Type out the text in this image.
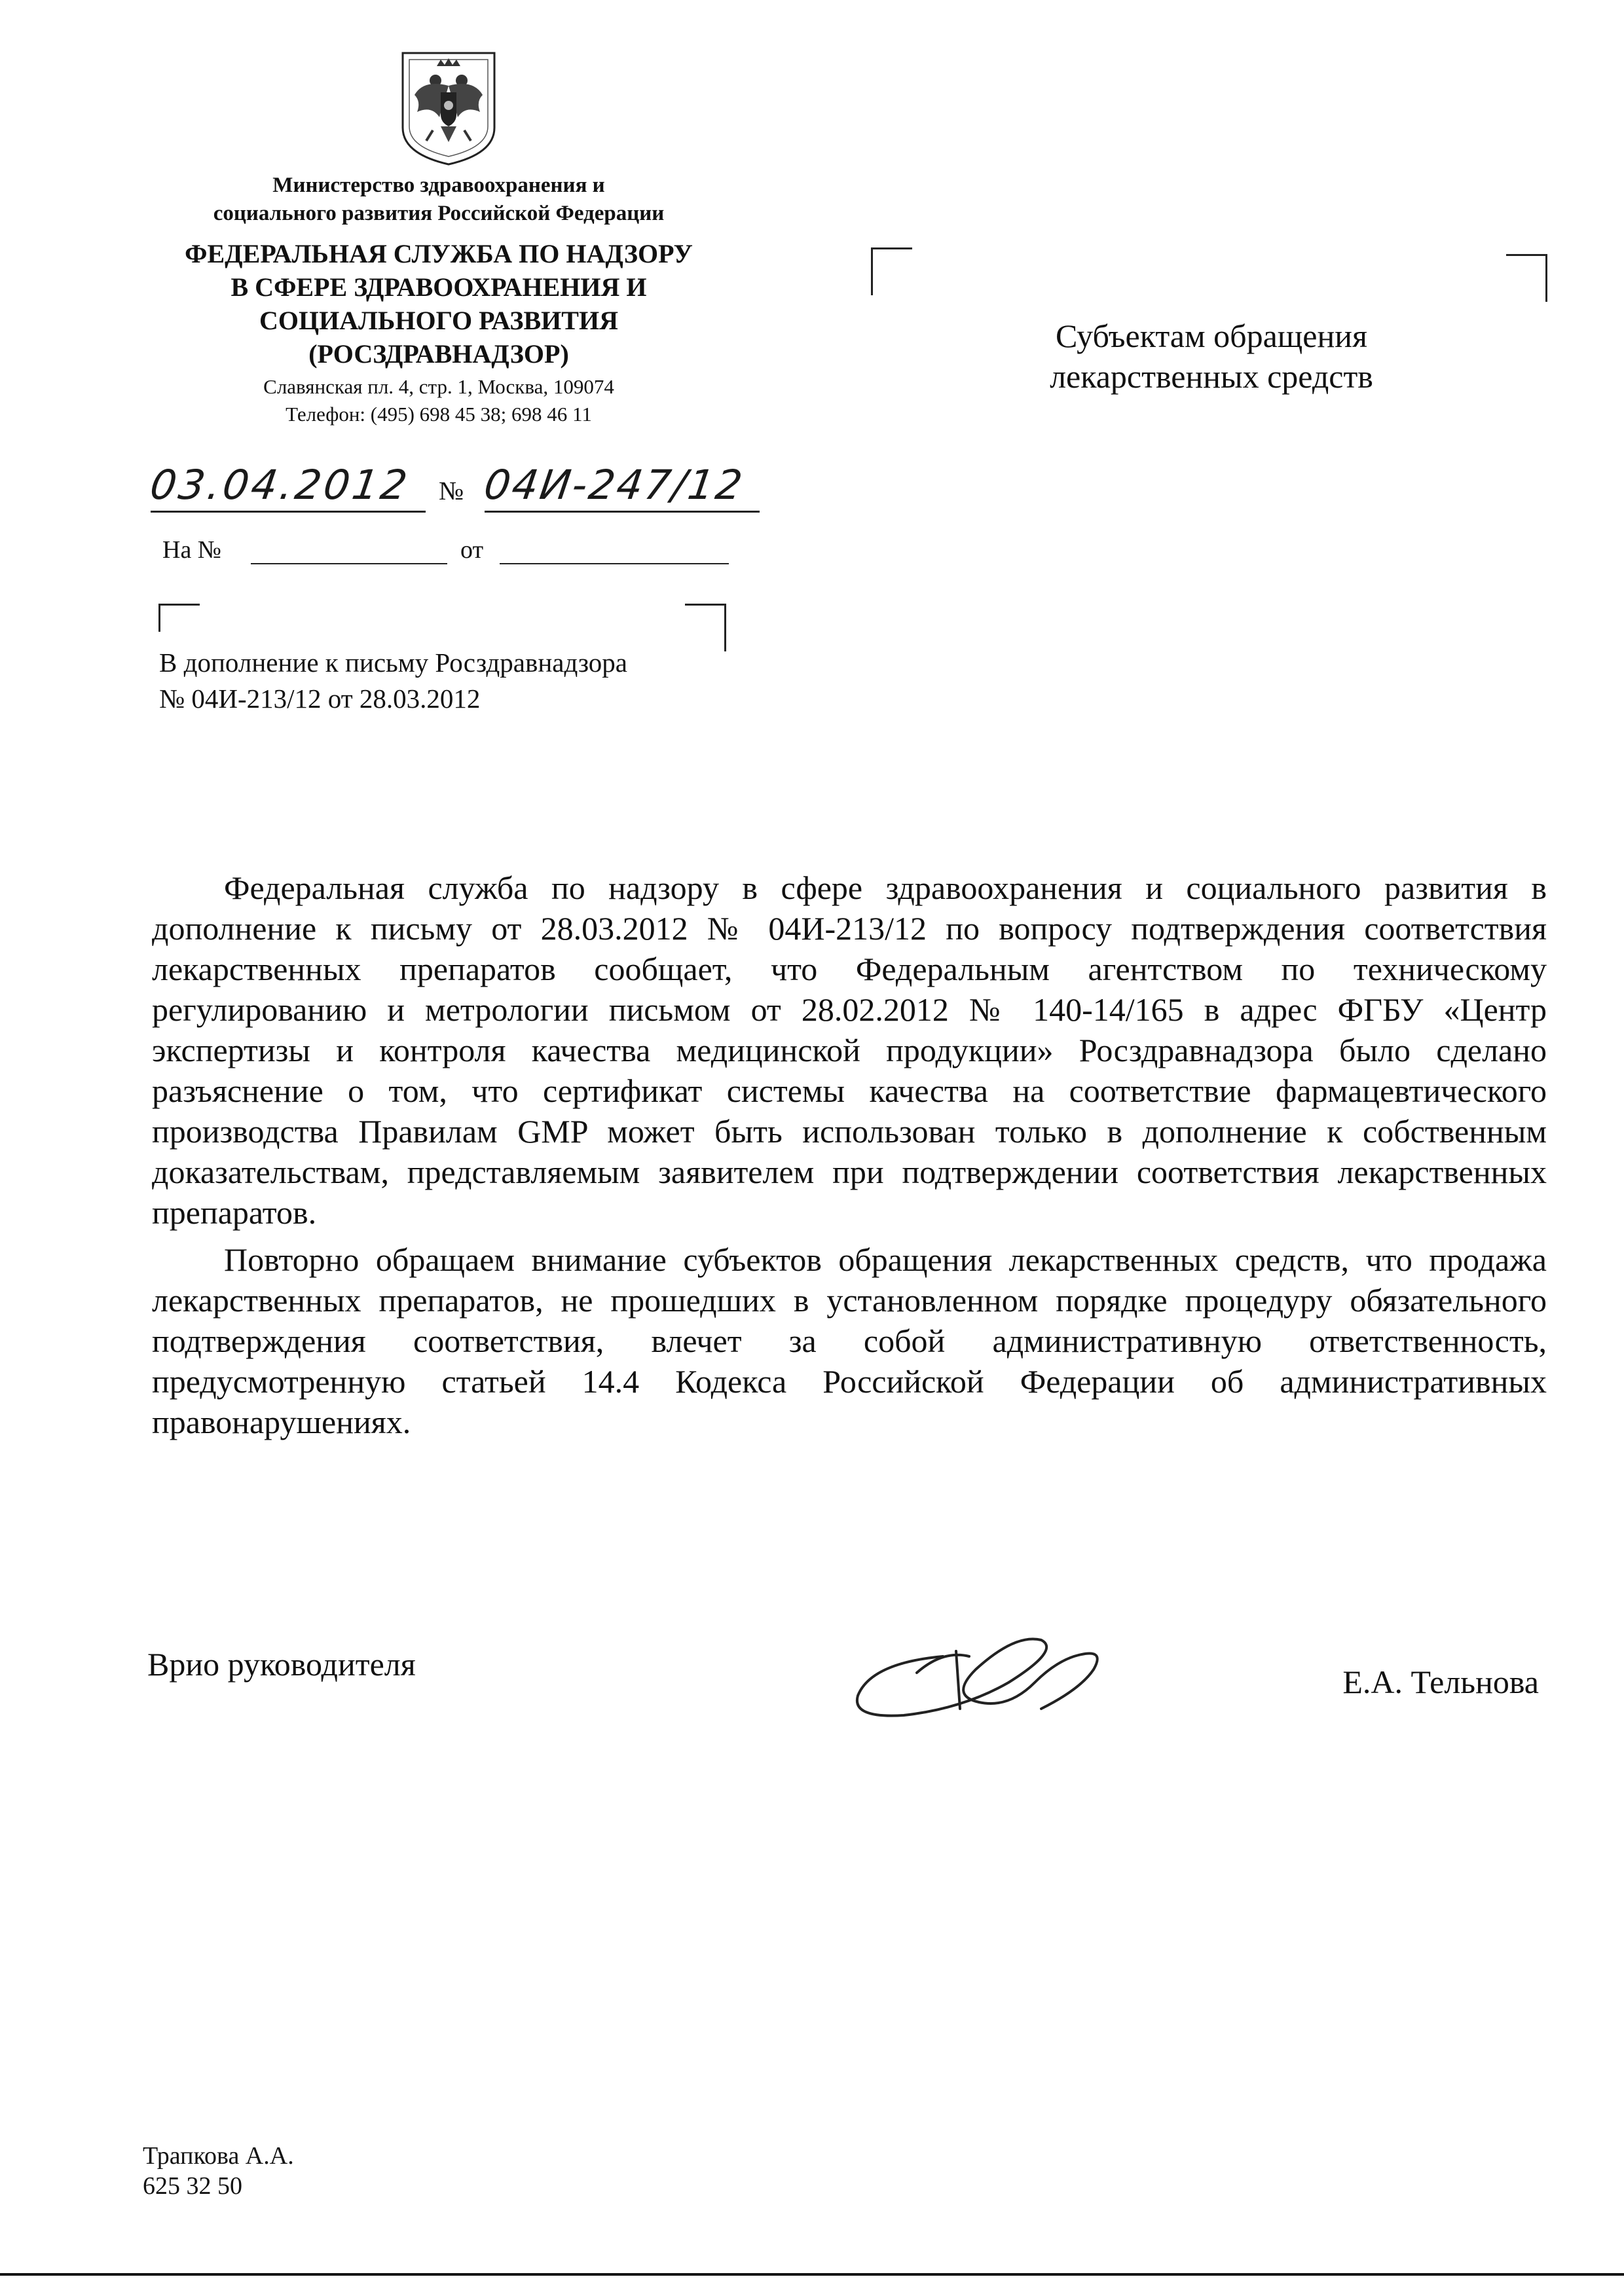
Министерство здравоохранения и
социального развития Российской Федерации
ФЕДЕРАЛЬНАЯ СЛУЖБА ПО НАДЗОРУ
В СФЕРЕ ЗДРАВООХРАНЕНИЯ И
СОЦИАЛЬНОГО РАЗВИТИЯ
(РОСЗДРАВНАДЗОР)
Славянская пл. 4, стр. 1, Москва, 109074
Телефон: (495) 698 45 38; 698 46 11
03.04.2012 № 04И-247/12
На №	от
В дополнение к письму Росздравнадзора
№ 04И-213/12 от 28.03.2012
Субъектам обращения
лекарственных средств

Федеральная служба по надзору в сфере здравоохранения и социального развития в дополнение к письму от 28.03.2012 № 04И-213/12 по вопросу подтверждения соответствия лекарственных препаратов сообщает, что Федеральным агентством по техническому регулированию и метрологии письмом от 28.02.2012 № 140-14/165 в адрес ФГБУ «Центр экспертизы и контроля качества медицинской продукции» Росздравнадзора было сделано разъяснение о том, что сертификат системы качества на соответствие фармацевтического производства Правилам GMP может быть использован только в дополнение к собственным доказательствам, представляемым заявителем при подтверждении соответствия лекарственных препаратов.

Повторно обращаем внимание субъектов обращения лекарственных средств, что продажа лекарственных препаратов, не прошедших в установленном порядке процедуру обязательного подтверждения соответствия, влечет за собой административную ответственность, предусмотренную статьей 14.4 Кодекса Российской Федерации об административных правонарушениях.

Врио руководителя	Е.А. Тельнова
Трапкова А.А.
625 32 50
